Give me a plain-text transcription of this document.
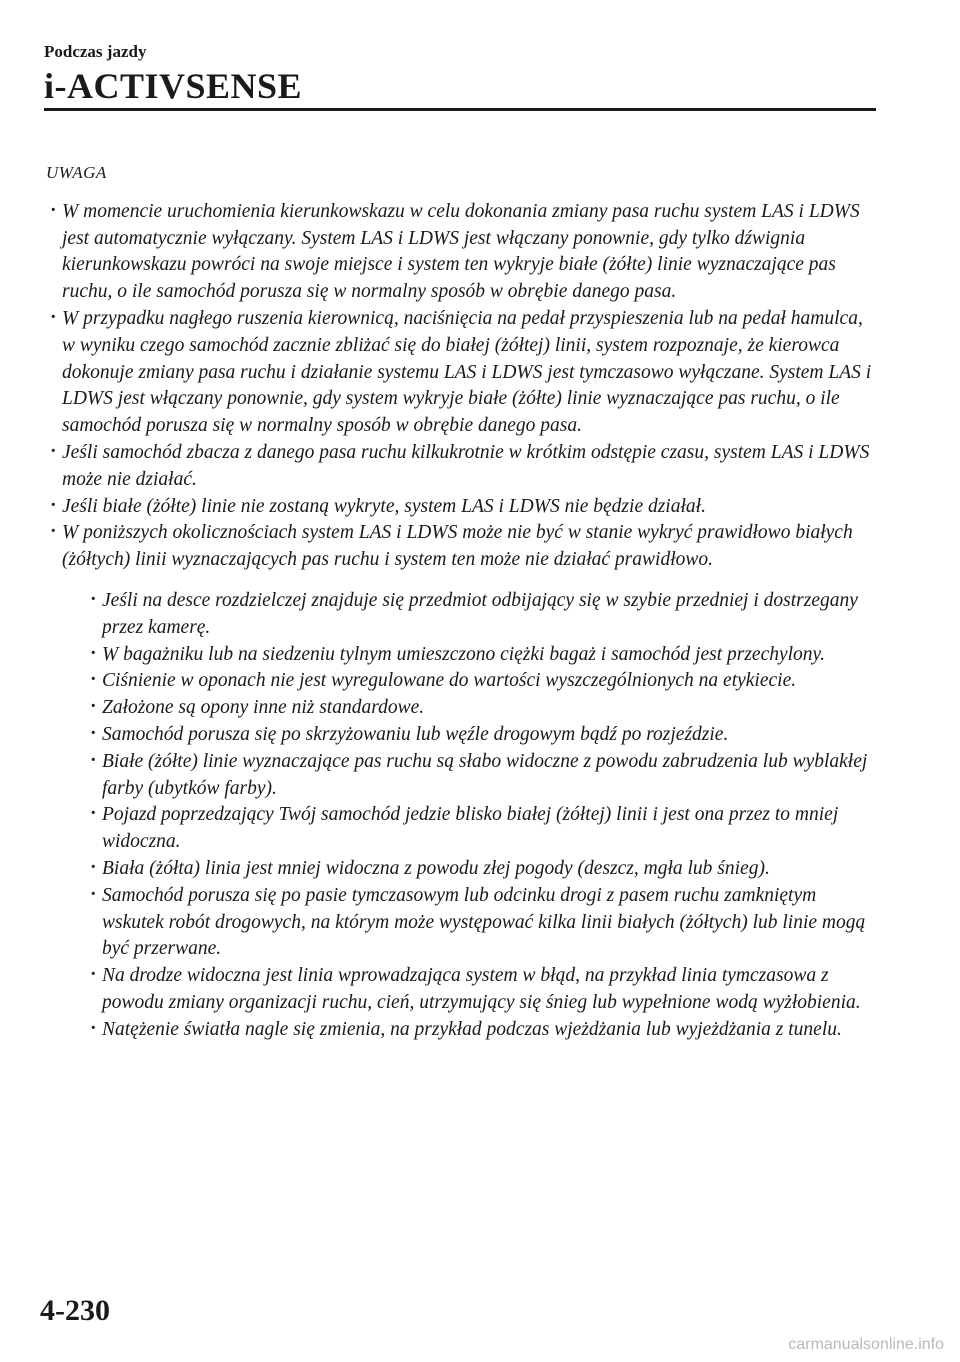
Podczas jazdy

i-ACTIVSENSE
UWAGA
· W momencie uruchomienia kierunkowskazu w celu dokonania zmiany pasa ruchu system LAS i LDWS jest automatycznie wyłączany. System LAS i LDWS jest włączany ponownie, gdy tylko dźwignia kierunkowskazu powróci na swoje miejsce i system ten wykryje białe (żółte) linie wyznaczające pas ruchu, o ile samochód porusza się w normalny sposób w obrębie danego pasa.
· W przypadku nagłego ruszenia kierownicą, naciśnięcia na pedał przyspieszenia lub na pedał hamulca, w wyniku czego samochód zacznie zbliżać się do białej (żółtej) linii, system rozpoznaje, że kierowca dokonuje zmiany pasa ruchu i działanie systemu LAS i LDWS jest tymczasowo wyłączane. System LAS i LDWS jest włączany ponownie, gdy system wykryje białe (żółte) linie wyznaczające pas ruchu, o ile samochód porusza się w normalny sposób w obrębie danego pasa.
· Jeśli samochód zbacza z danego pasa ruchu kilkukrotnie w krótkim odstępie czasu, system LAS i LDWS może nie działać.
· Jeśli białe (żółte) linie nie zostaną wykryte, system LAS i LDWS nie będzie działał.
· W poniższych okolicznościach system LAS i LDWS może nie być w stanie wykryć prawidłowo białych (żółtych) linii wyznaczających pas ruchu i system ten może nie działać prawidłowo.
· Jeśli na desce rozdzielczej znajduje się przedmiot odbijający się w szybie przedniej i dostrzegany przez kamerę.
· W bagażniku lub na siedzeniu tylnym umieszczono ciężki bagaż i samochód jest przechylony.
· Ciśnienie w oponach nie jest wyregulowane do wartości wyszczególnionych na etykiecie.
· Założone są opony inne niż standardowe.
· Samochód porusza się po skrzyżowaniu lub węźle drogowym bądź po rozjeździe.
· Białe (żółte) linie wyznaczające pas ruchu są słabo widoczne z powodu zabrudzenia lub wyblakłej farby (ubytków farby).
· Pojazd poprzedzający Twój samochód jedzie blisko białej (żółtej) linii i jest ona przez to mniej widoczna.
· Biała (żółta) linia jest mniej widoczna z powodu złej pogody (deszcz, mgła lub śnieg).
· Samochód porusza się po pasie tymczasowym lub odcinku drogi z pasem ruchu zamkniętym wskutek robót drogowych, na którym może występować kilka linii białych (żółtych) lub linie mogą być przerwane.
· Na drodze widoczna jest linia wprowadzająca system w błąd, na przykład linia tymczasowa z powodu zmiany organizacji ruchu, cień, utrzymujący się śnieg lub wypełnione wodą wyżłobienia.
· Natężenie światła nagle się zmienia, na przykład podczas wjeżdżania lub wyjeżdżania z tunelu.

4-230

carmanualsonline.info
